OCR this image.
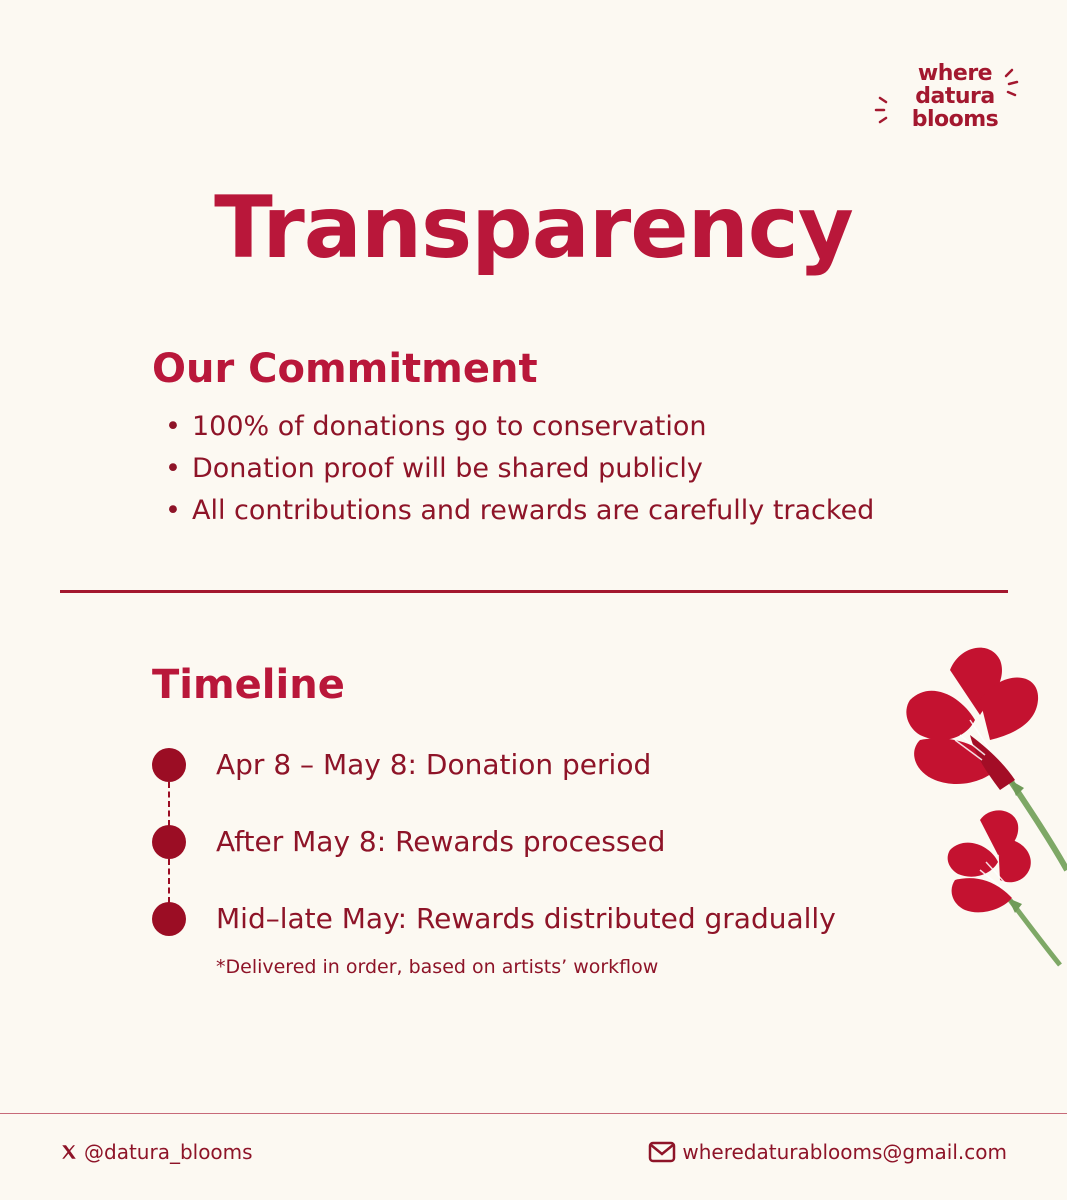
where
datura
blooms
Transparency
Our Commitment
• 100% of donations go to conservation
• Donation proof will be shared publicly
• All contributions and rewards are carefully tracked
Timeline
Apr 8 – May 8: Donation period
After May 8: Rewards processed
Mid–late May: Rewards distributed gradually
*Delivered in order, based on artists’ workflow
@datura_blooms	wheredaturablooms@gmail.com
